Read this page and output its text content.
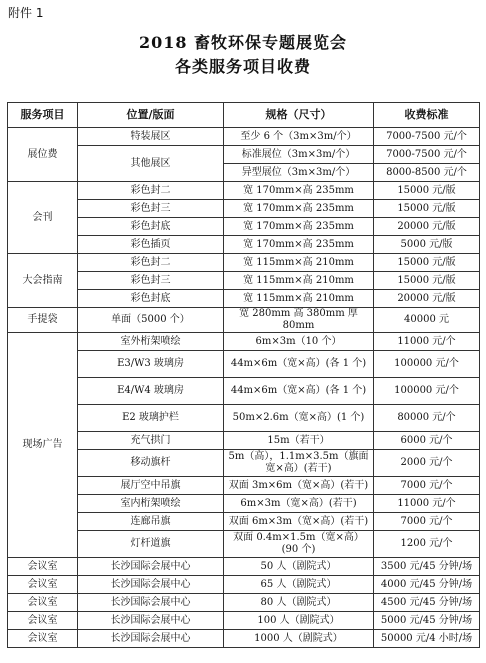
附件 1
2018 畜牧环保专题展览会
各类服务项目收费
服务项目	位置/版面	规格（尺寸）	收费标准
展位费	特装展区	至少 6 个（3m×3m/个）	7000-7500 元/个
	其他展区	标准展位（3m×3m/个）	7000-7500 元/个
		异型展位（3m×3m/个）	8000-8500 元/个
会刊	彩色封二	宽 170mm×高 235mm	15000 元/版
	彩色封三	宽 170mm×高 235mm	15000 元/版
	彩色封底	宽 170mm×高 235mm	20000 元/版
	彩色插页	宽 170mm×高 235mm	5000 元/版
大会指南	彩色封二	宽 115mm×高 210mm	15000 元/版
	彩色封三	宽 115mm×高 210mm	15000 元/版
	彩色封底	宽 115mm×高 210mm	20000 元/版
手提袋	单面（5000 个）	宽 280mm 高 380mm 厚 80mm	40000 元
现场广告	室外桁架喷绘	6m×3m（10 个）	11000 元/个
	E3/W3 玻璃房	44m×6m（宽×高）(各 1 个)	100000 元/个
	E4/W4 玻璃房	44m×6m（宽×高）(各 1 个)	100000 元/个
	E2 玻璃护栏	50m×2.6m（宽×高）(1 个)	80000 元/个
	充气拱门	15m（若干）	6000 元/个
	移动旗杆	5m（高），1.1m×3.5m（旗面宽×高）(若干)	2000 元/个
	展厅空中吊旗	双面 3m×6m（宽×高）(若干)	7000 元/个
	室内桁架喷绘	6m×3m（宽×高）(若干)	11000 元/个
	连廊吊旗	双面 6m×3m（宽×高）(若干)	7000 元/个
	灯杆道旗	双面 0.4m×1.5m（宽×高）(90 个)	1200 元/个
会议室	长沙国际会展中心	50 人（剧院式）	3500 元/45 分钟/场
会议室	长沙国际会展中心	65 人（剧院式）	4000 元/45 分钟/场
会议室	长沙国际会展中心	80 人（剧院式）	4500 元/45 分钟/场
会议室	长沙国际会展中心	100 人（剧院式）	5000 元/45 分钟/场
会议室	长沙国际会展中心	1000 人（剧院式）	50000 元/4 小时/场
